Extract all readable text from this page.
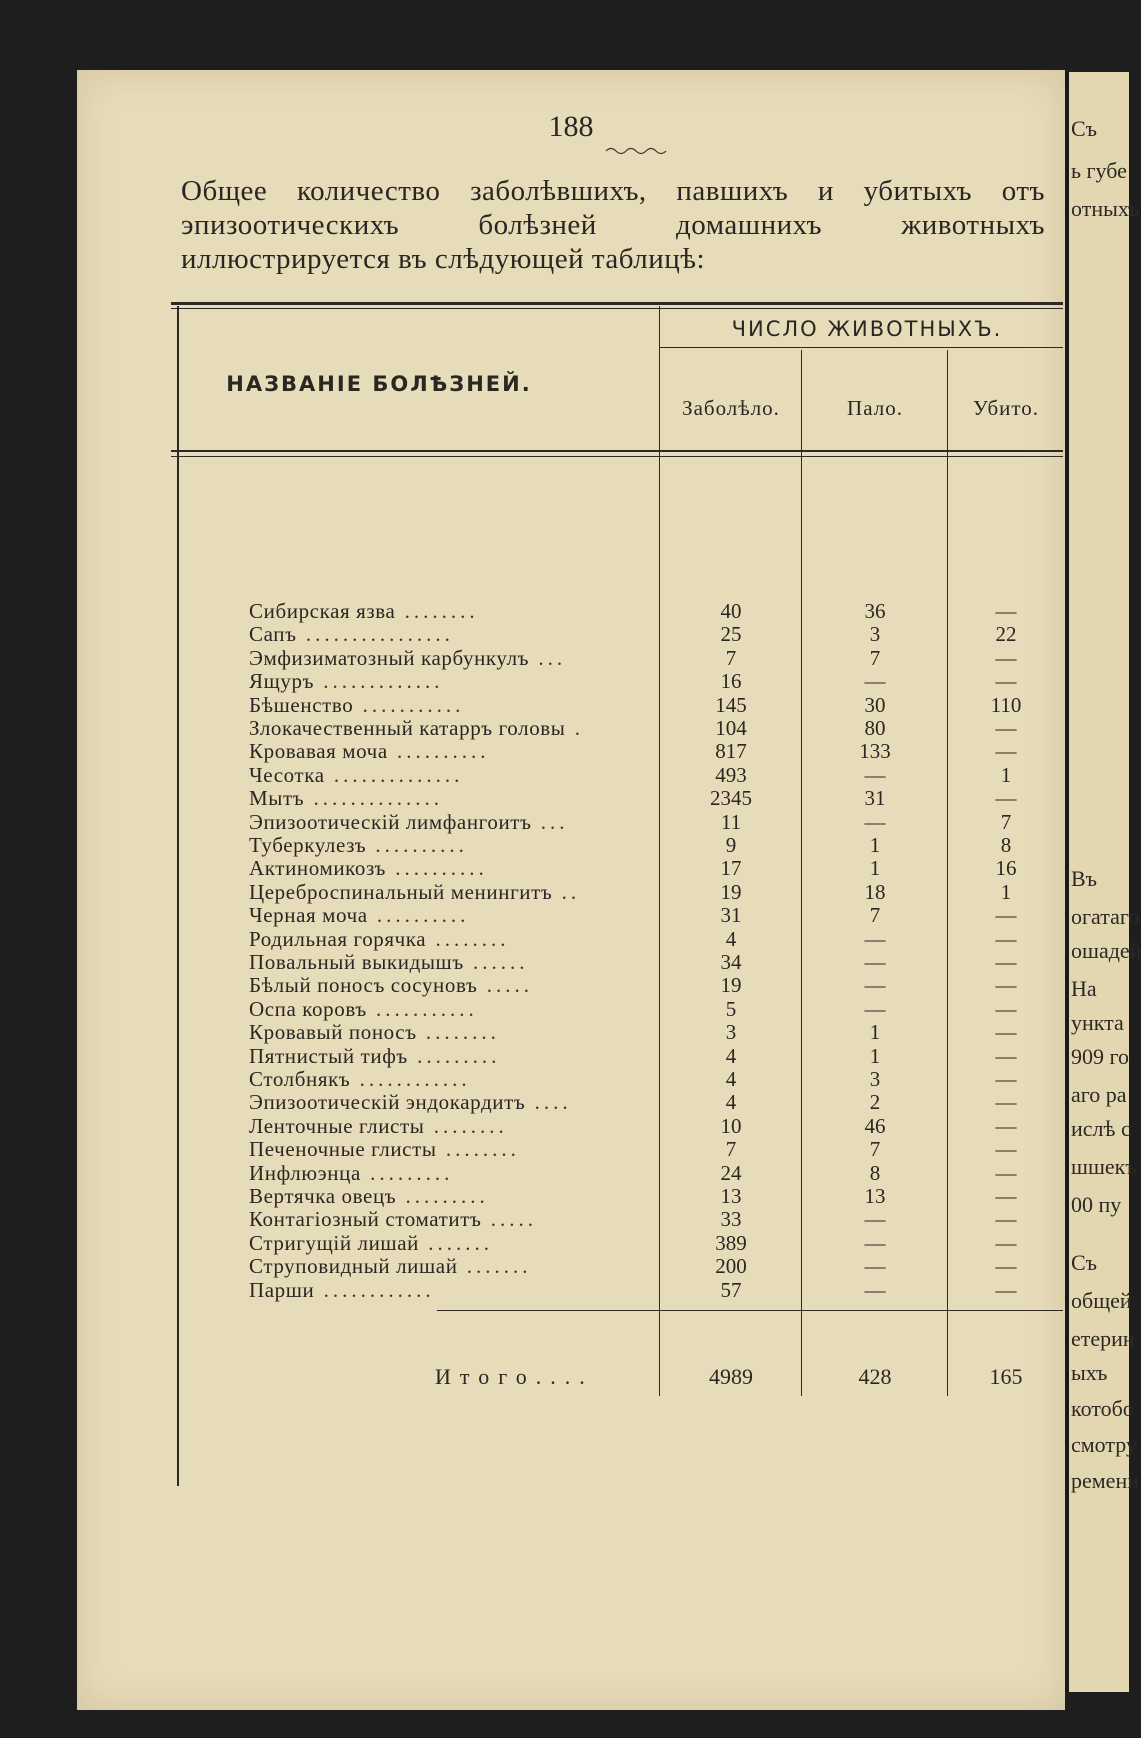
188
Общее количество заболѣвшихъ, павшихъ и убитыхъ отъ эпизоотическихъ болѣзней домашнихъ животныхъ иллюстрируется въ слѣдующей таблицѣ:
НАЗВАНІЕ БОЛѢЗНЕЙ.
ЧИСЛО ЖИВОТНЫХЪ.
Заболѣло.	Пало.	Убито.
Сибирская язва ........	40	36	—
Сапъ ................	25	3	22
Эмфизиматозный карбункулъ ...	7	7	—
Ящуръ .............	16	—	—
Бѣшенство ...........	145	30	110
Злокачественный катарръ головы .	104	80	—
Кровавая моча ..........	817	133	—
Чесотка ..............	493	—	1
Мытъ ..............	2345	31	—
Эпизоотическій лимфангоитъ ...	11	—	7
Туберкулезъ ..........	9	1	8
Актиномикозъ ..........	17	1	16
Цереброспинальный менингитъ ..	19	18	1
Черная моча ..........	31	7	—
Родильная горячка ........	4	—	—
Повальный выкидышъ ......	34	—	—
Бѣлый поносъ сосуновъ .....	19	—	—
Оспа коровъ ...........	5	—	—
Кровавый поносъ ........	3	1	—
Пятнистый тифъ .........	4	1	—
Столбнякъ ............	4	3	—
Эпизоотическій эндокардитъ ....	4	2	—
Ленточные глисты ........	10	46	—
Печеночные глисты ........	7	7	—
Инфлюэнца .........	24	8	—
Вертячка овецъ .........	13	13	—
Контагіозный стоматитъ .....	33	—	—
Стригущій лишай .......	389	—	—
Струповидный лишай .......	200	—	—
Парши ............	57	—	—
Итого....	4989	428	165
Съ
ь губе
отныхъ
Въ
огатаго
ошадей
На
ункта
909 го
аго ра
ислѣ с
шшекъ
00 пу
Съ
общей
етерин
ыхъ
котобо
смотру
ремени
